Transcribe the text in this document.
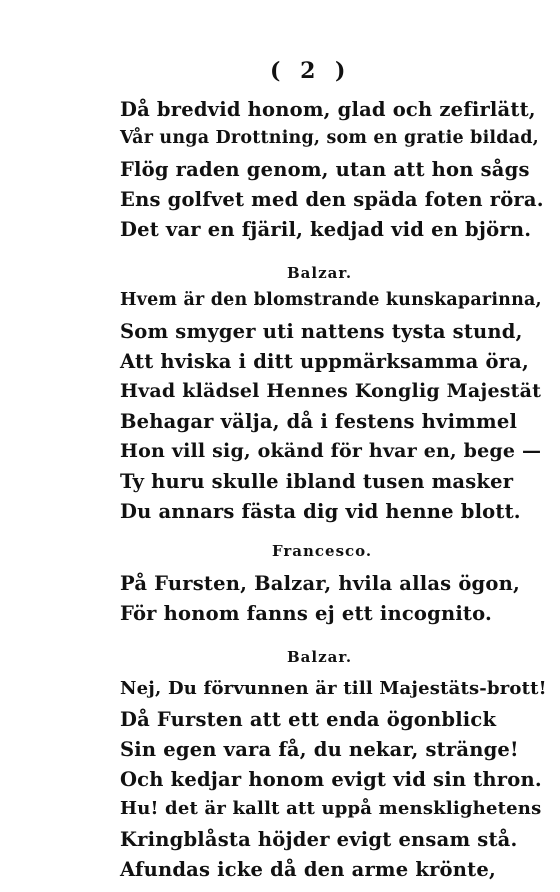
( 2 )
Då bredvid honom, glad och zefirlätt,
Vår unga Drottning, som en gratie bildad,
Flög raden genom, utan att hon sågs
Ens golfvet med den späda foten röra.
Det var en fjäril, kedjad vid en björn.
Balzar.
Hvem är den blomstrande kunskaparinna,
Som smyger uti nattens tysta stund,
Att hviska i ditt uppmärksamma öra,
Hvad klädsel Hennes Konglig Majestät
Behagar välja, då i festens hvimmel
Hon vill sig, okänd för hvar en, bege —
Ty huru skulle ibland tusen masker
Du annars fästa dig vid henne blott.
Francesco.
På Fursten, Balzar, hvila allas ögon,
För honom fanns ej ett incognito.
Balzar.
Nej, Du förvunnen är till Majestäts-brott!
Då Fursten att ett enda ögonblick
Sin egen vara få, du nekar, stränge!
Och kedjar honom evigt vid sin thron.
Hu! det är kallt att uppå mensklighetens
Kringblåsta höjder evigt ensam stå.
Afundas icke då den arme krönte,
